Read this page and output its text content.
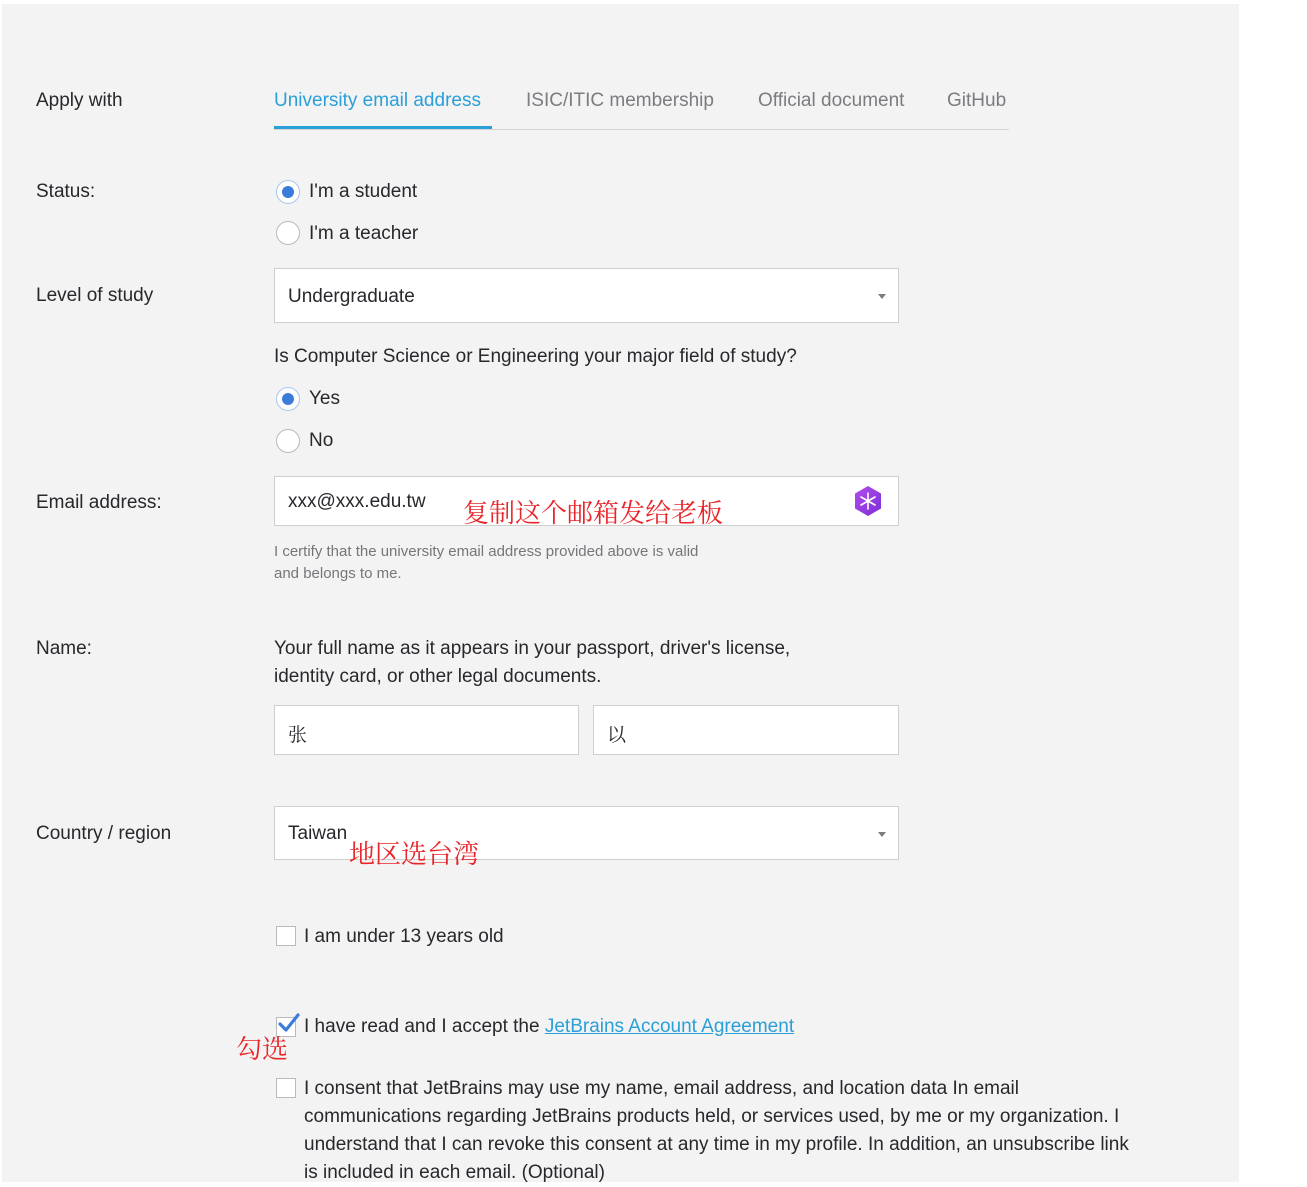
Apply with	University email address ISIC/ITIC membership Official document GitHub
Status:	I'm a student
I'm a teacher
Level of study	Undergraduate
Is Computer Science or Engineering your major field of study?
Yes
No
Email address:	xxx@xxx.edu.tw 复制这个邮箱发给老板
I certify that the university email address provided above is valid
and belongs to me.
Name:	Your full name as it appears in your passport, driver's license,
identity card, or other legal documents.
张	以
Country / region	Taiwan
地区选台湾
I am under 13 years old
I have read and I accept the JetBrains Account Agreement
勾选
I consent that JetBrains may use my name, email address, and location data In email
communications regarding JetBrains products held, or services used, by me or my organization. I
understand that I can revoke this consent at any time in my profile. In addition, an unsubscribe link
is included in each email. (Optional)
